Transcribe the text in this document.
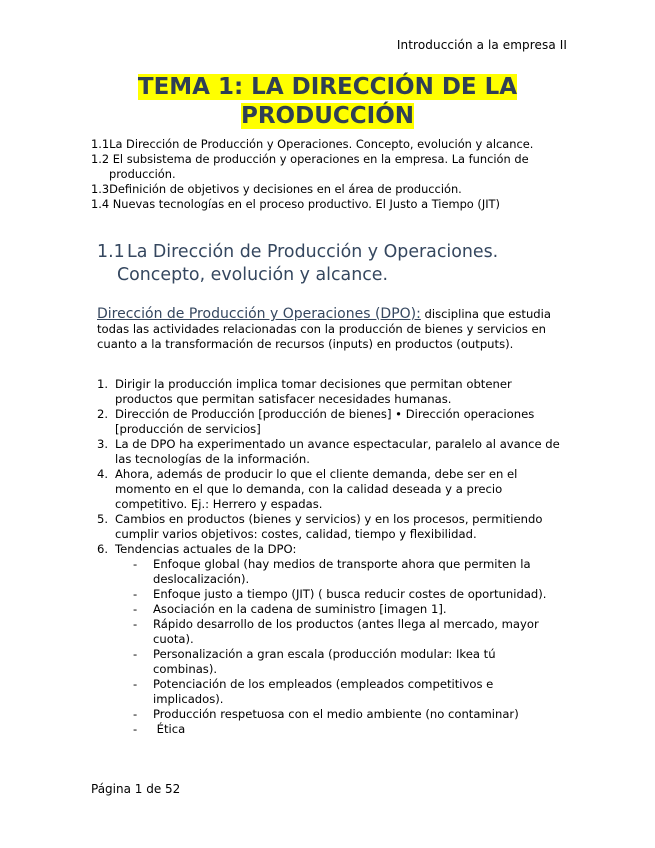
Introducción a la empresa II
TEMA 1: LA DIRECCIÓN DE LA
PRODUCCIÓN
1.1La Dirección de Producción y Operaciones. Concepto, evolución y alcance.
1.2 El subsistema de producción y operaciones en la empresa. La función de
producción.
1.3Definición de objetivos y decisiones en el área de producción.
1.4 Nuevas tecnologías en el proceso productivo. El Justo a Tiempo (JIT)
1.1 La Dirección de Producción y Operaciones.
Concepto, evolución y alcance.
Dirección de Producción y Operaciones (DPO): disciplina que estudia todas las actividades relacionadas con la producción de bienes y servicios en cuanto a la transformación de recursos (inputs) en productos (outputs).
1. Dirigir la producción implica tomar decisiones que permitan obtener productos que permitan satisfacer necesidades humanas.
2. Dirección de Producción [producción de bienes] • Dirección operaciones [producción de servicios]
3. La de DPO ha experimentado un avance espectacular, paralelo al avance de las tecnologías de la información.
4. Ahora, además de producir lo que el cliente demanda, debe ser en el momento en el que lo demanda, con la calidad deseada y a precio competitivo. Ej.: Herrero y espadas.
5. Cambios en productos (bienes y servicios) y en los procesos, permitiendo cumplir varios objetivos: costes, calidad, tiempo y flexibilidad.
6. Tendencias actuales de la DPO:
-	Enfoque global (hay medios de transporte ahora que permiten la deslocalización).
-	Enfoque justo a tiempo (JIT) ( busca reducir costes de oportunidad).
-	Asociación en la cadena de suministro [imagen 1].
-	Rápido desarrollo de los productos (antes llega al mercado, mayor cuota).
-	Personalización a gran escala (producción modular: Ikea tú combinas).
-	Potenciación de los empleados (empleados competitivos e implicados).
-	Producción respetuosa con el medio ambiente (no contaminar)
-	Ética
Página 1 de 52
